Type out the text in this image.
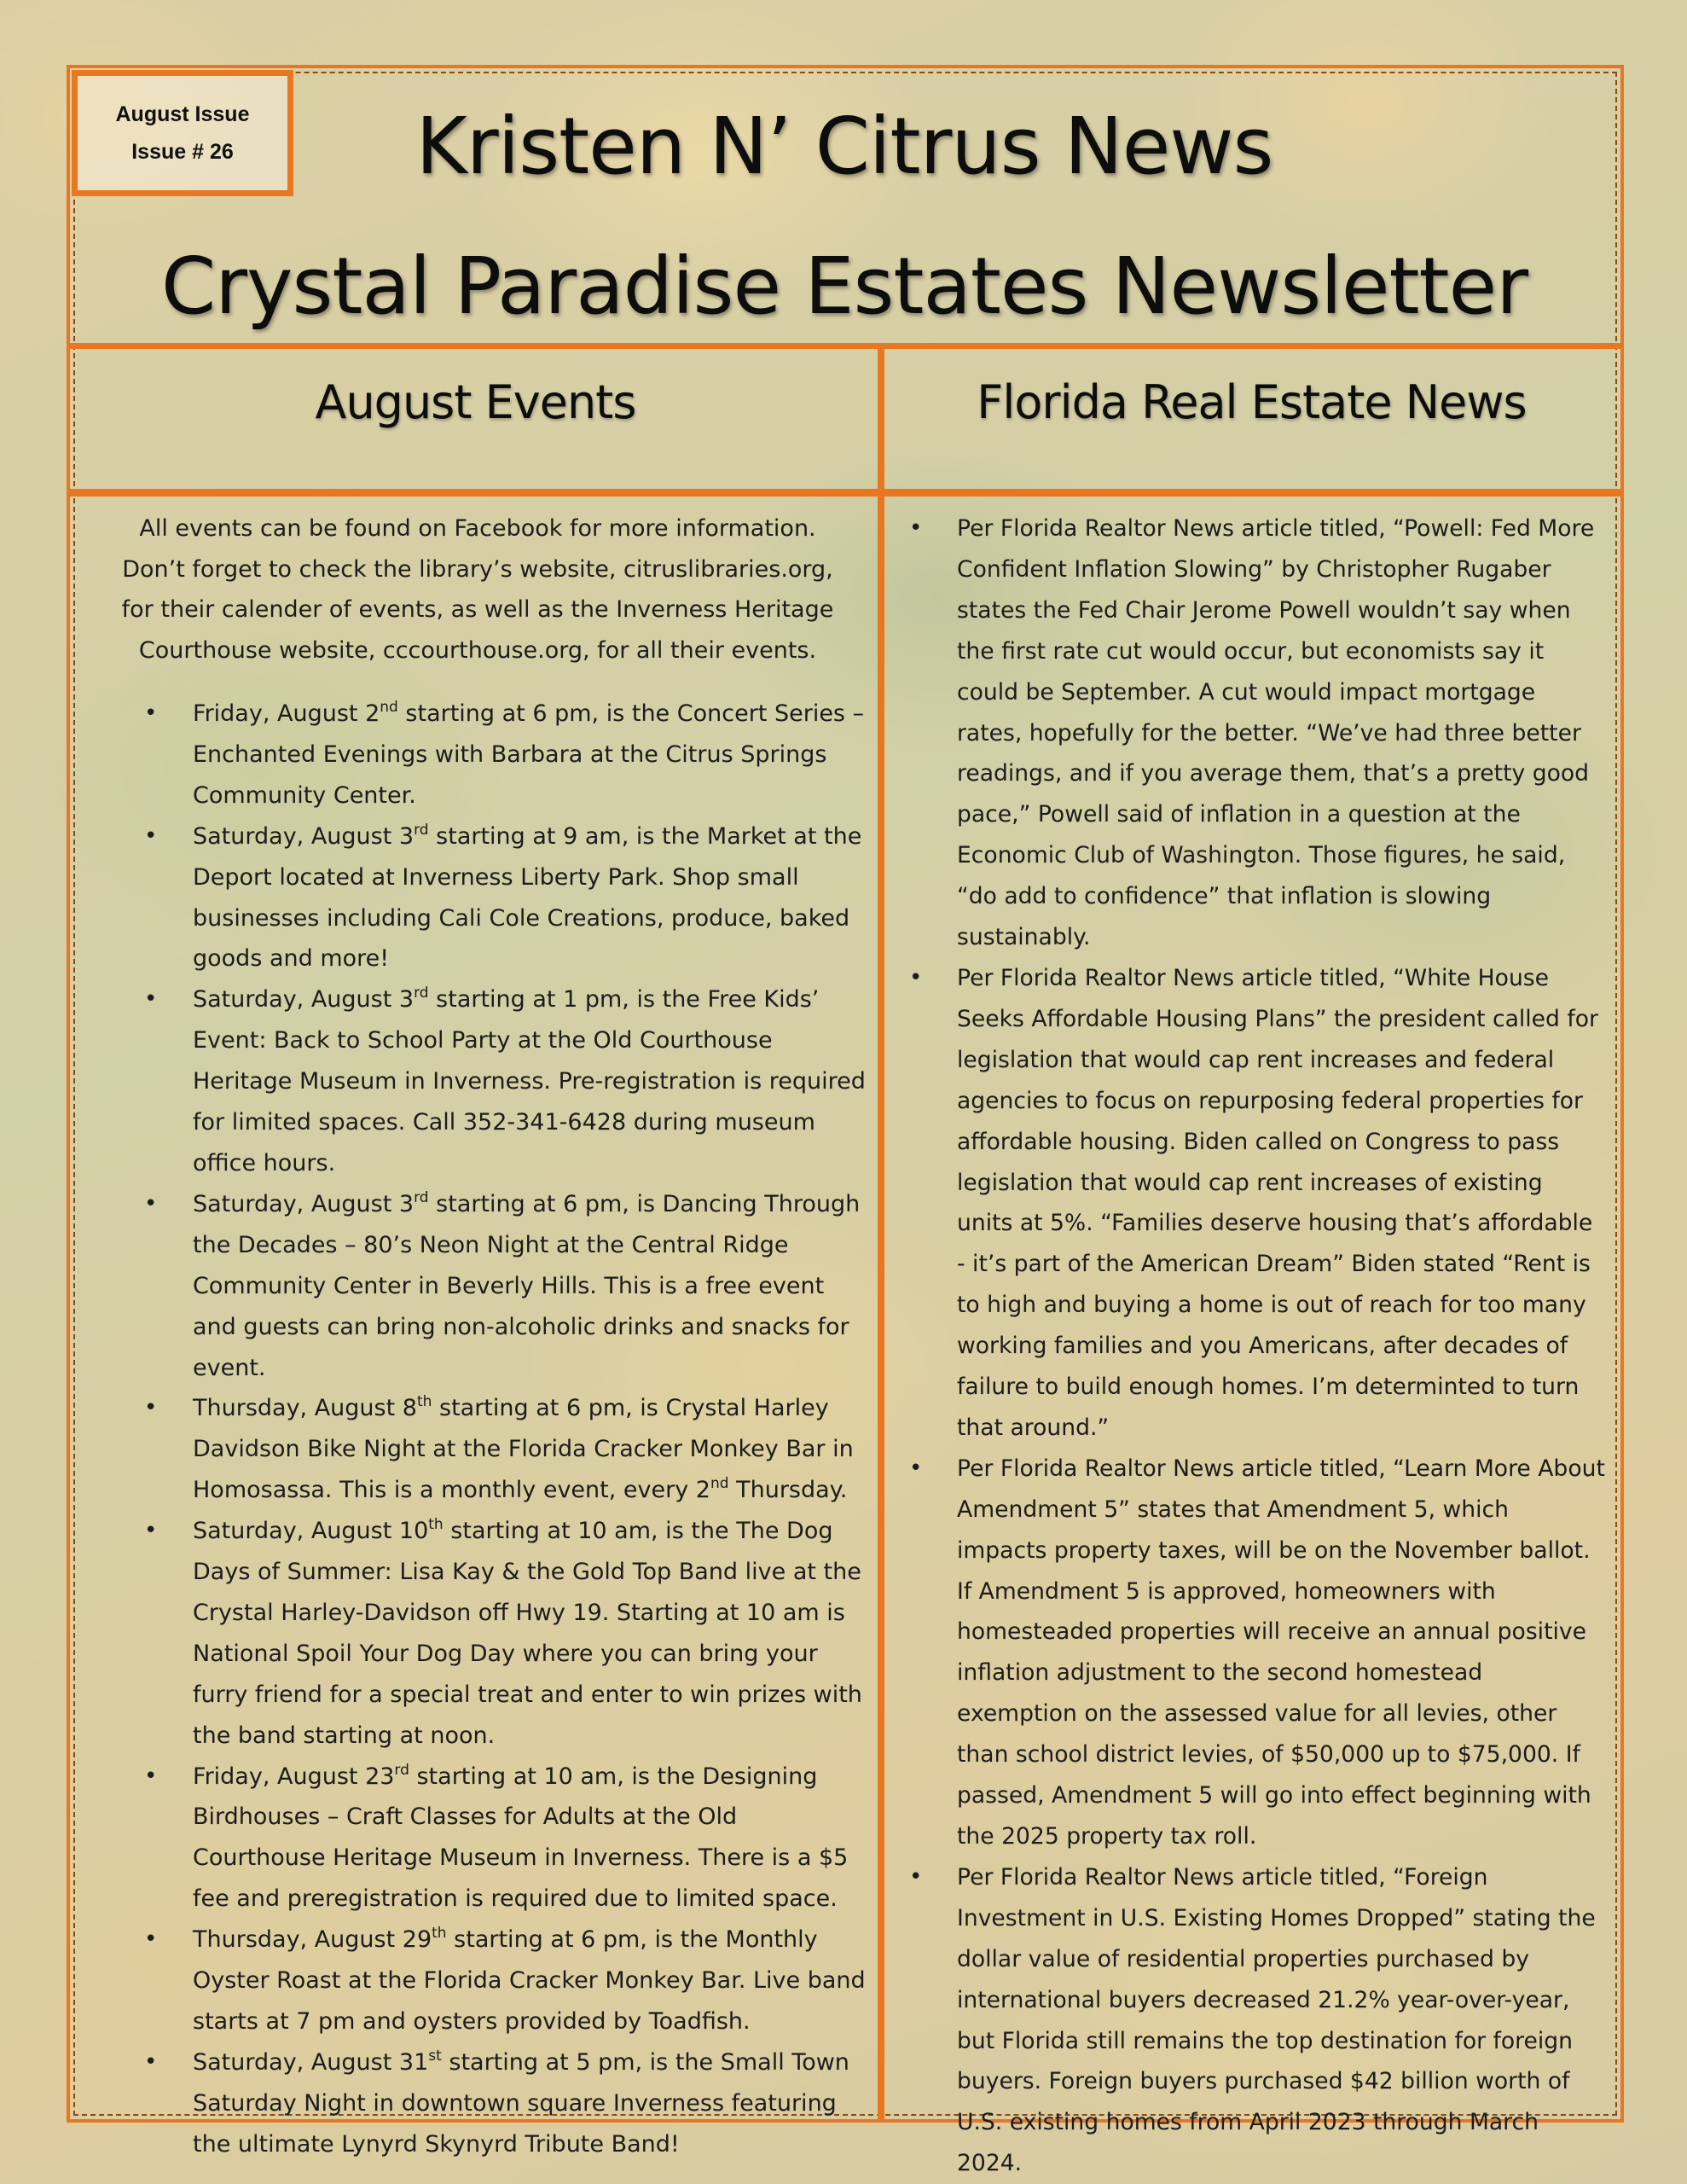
August Issue
Issue # 26	Kristen N’ Citrus News
Crystal Paradise Estates Newsletter
August Events	Florida Real Estate News
All events can be found on Facebook for more information. Don’t forget to check the library’s website, citruslibraries.org, for their calender of events, as well as the Inverness Heritage Courthouse website, cccourthouse.org, for all their events.
• Friday, August 2nd starting at 6 pm, is the Concert Series – Enchanted Evenings with Barbara at the Citrus Springs Community Center.
• Saturday, August 3rd starting at 9 am, is the Market at the Deport located at Inverness Liberty Park. Shop small businesses including Cali Cole Creations, produce, baked goods and more!
• Saturday, August 3rd starting at 1 pm, is the Free Kids’ Event: Back to School Party at the Old Courthouse Heritage Museum in Inverness. Pre-registration is required for limited spaces. Call 352-341-6428 during museum office hours.
• Saturday, August 3rd starting at 6 pm, is Dancing Through the Decades – 80’s Neon Night at the Central Ridge Community Center in Beverly Hills. This is a free event and guests can bring non-alcoholic drinks and snacks for event.
• Thursday, August 8th starting at 6 pm, is Crystal Harley Davidson Bike Night at the Florida Cracker Monkey Bar in Homosassa. This is a monthly event, every 2nd Thursday.
• Saturday, August 10th starting at 10 am, is the The Dog Days of Summer: Lisa Kay & the Gold Top Band live at the Crystal Harley-Davidson off Hwy 19. Starting at 10 am is National Spoil Your Dog Day where you can bring your furry friend for a special treat and enter to win prizes with the band starting at noon.
• Friday, August 23rd starting at 10 am, is the Designing Birdhouses – Craft Classes for Adults at the Old Courthouse Heritage Museum in Inverness. There is a $5 fee and preregistration is required due to limited space.
• Thursday, August 29th starting at 6 pm, is the Monthly Oyster Roast at the Florida Cracker Monkey Bar. Live band starts at 7 pm and oysters provided by Toadfish.
• Saturday, August 31st starting at 5 pm, is the Small Town Saturday Night in downtown square Inverness featuring the ultimate Lynyrd Skynyrd Tribute Band!
• Per Florida Realtor News article titled, “Powell: Fed More Confident Inflation Slowing” by Christopher Rugaber states the Fed Chair Jerome Powell wouldn’t say when the first rate cut would occur, but economists say it could be September. A cut would impact mortgage rates, hopefully for the better. “We’ve had three better readings, and if you average them, that’s a pretty good pace,” Powell said of inflation in a question at the Economic Club of Washington. Those figures, he said, “do add to confidence” that inflation is slowing sustainably.
• Per Florida Realtor News article titled, “White House Seeks Affordable Housing Plans” the president called for legislation that would cap rent increases and federal agencies to focus on repurposing federal properties for affordable housing. Biden called on Congress to pass legislation that would cap rent increases of existing units at 5%. “Families deserve housing that’s affordable - it’s part of the American Dream” Biden stated “Rent is to high and buying a home is out of reach for too many working families and you Americans, after decades of failure to build enough homes. I’m determinted to turn that around.”
• Per Florida Realtor News article titled, “Learn More About Amendment 5” states that Amendment 5, which impacts property taxes, will be on the November ballot. If Amendment 5 is approved, homeowners with homesteaded properties will receive an annual positive inflation adjustment to the second homestead exemption on the assessed value for all levies, other than school district levies, of $50,000 up to $75,000. If passed, Amendment 5 will go into effect beginning with the 2025 property tax roll.
• Per Florida Realtor News article titled, “Foreign Investment in U.S. Existing Homes Dropped” stating the dollar value of residential properties purchased by international buyers decreased 21.2% year-over-year, but Florida still remains the top destination for foreign buyers. Foreign buyers purchased $42 billion worth of U.S. existing homes from April 2023 through March 2024.
